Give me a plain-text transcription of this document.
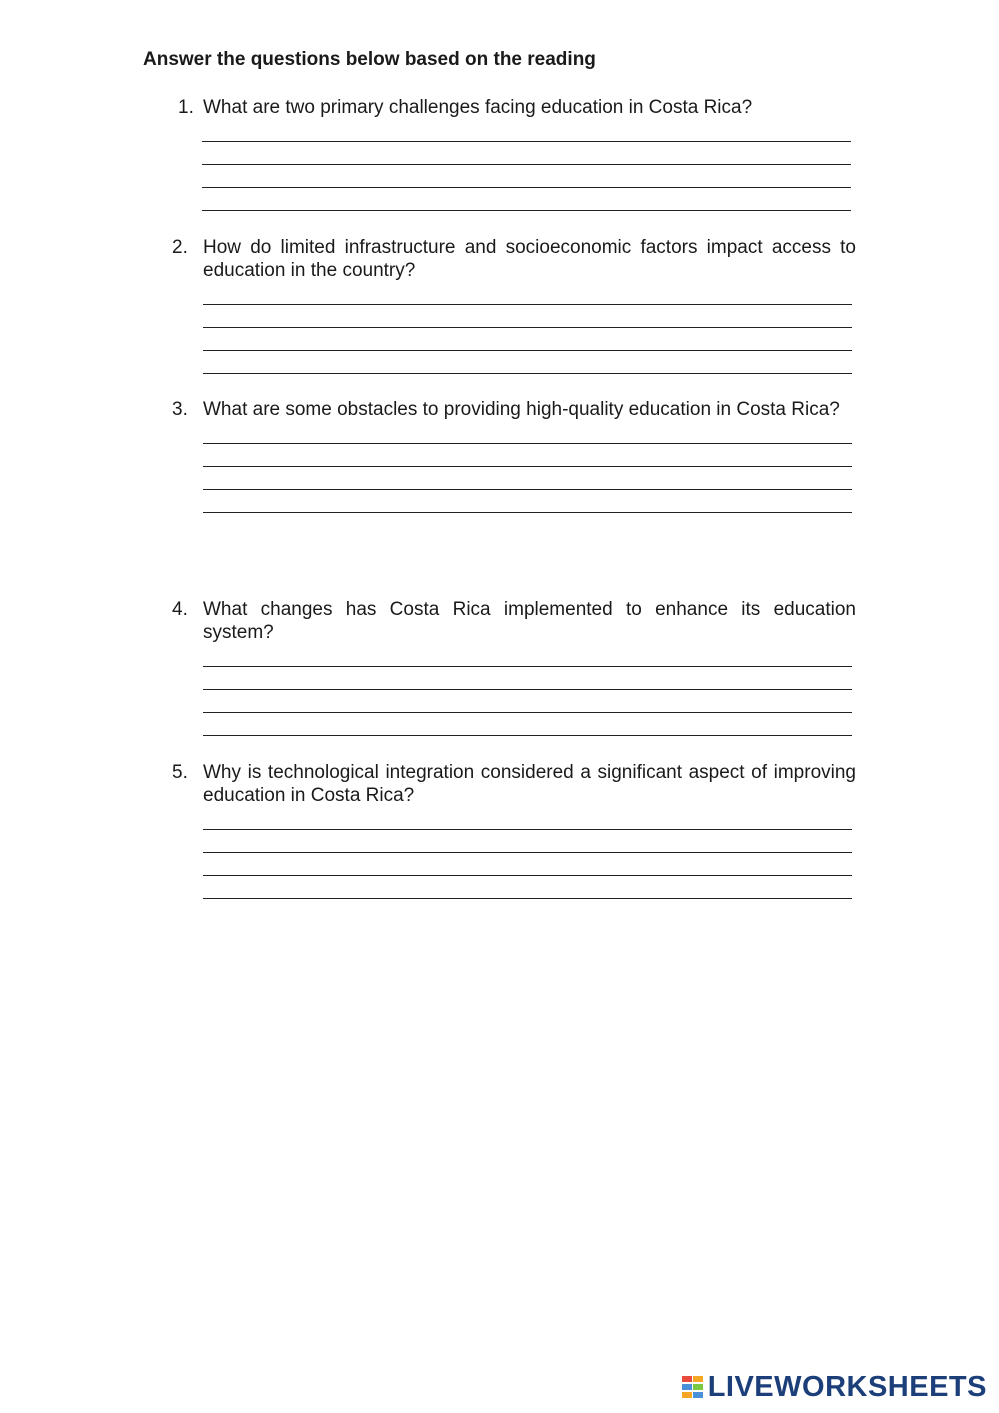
Answer the questions below based on the reading
1. What are two primary challenges facing education in Costa Rica?
2. How do limited infrastructure and socioeconomic factors impact access to education in the country?
3. What are some obstacles to providing high-quality education in Costa Rica?
4. What changes has Costa Rica implemented to enhance its education system?
5. Why is technological integration considered a significant aspect of improving education in Costa Rica?
LIVEWORKSHEETS
